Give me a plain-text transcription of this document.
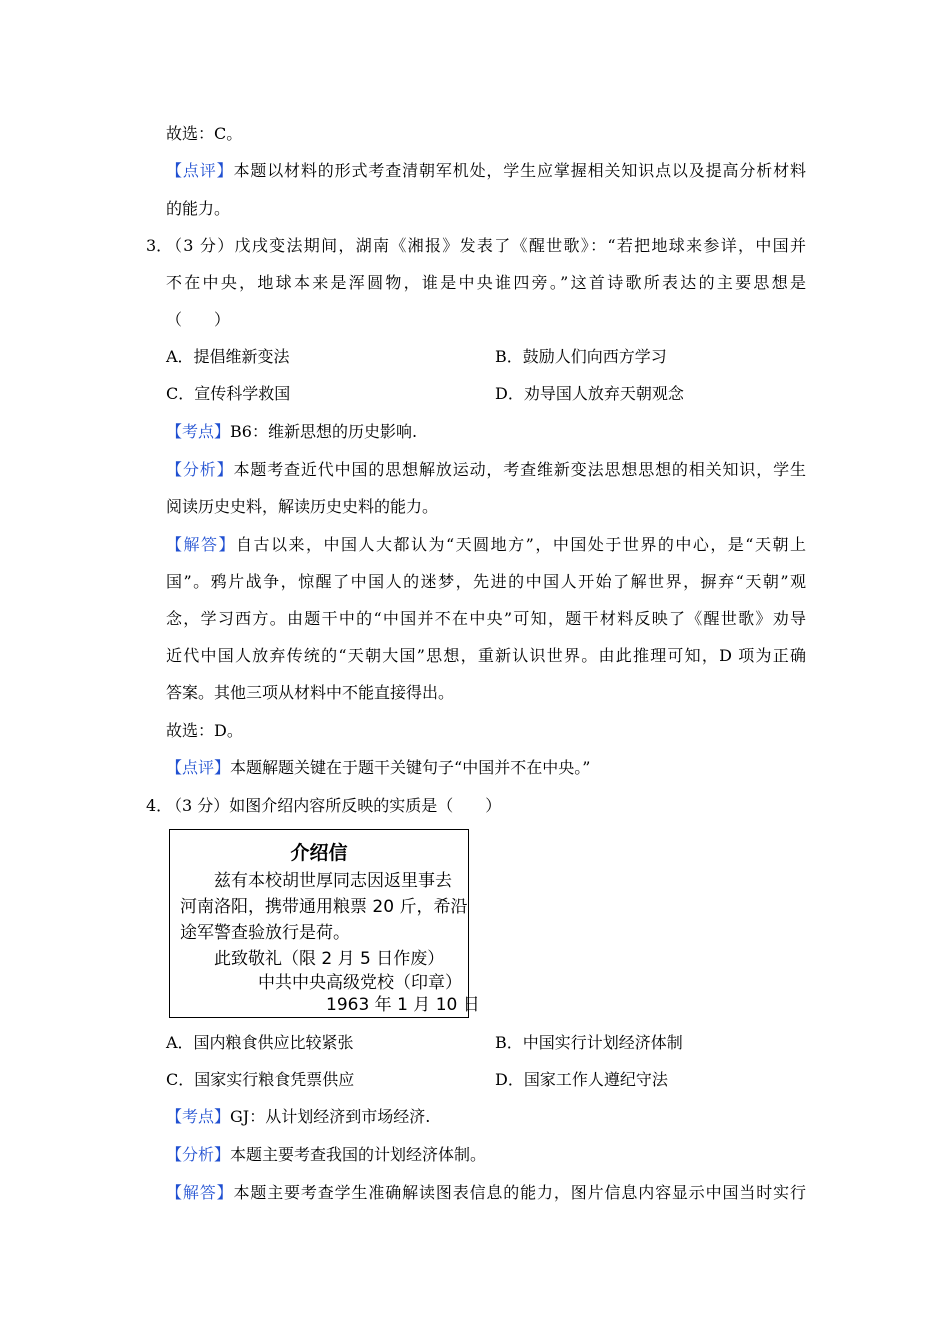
故选：C。
【点评】本题以材料的形式考查清朝军机处，学生应掌握相关知识点以及提高分析材料
的能力。
3．
（3 分）戊戌变法期间，湖南《湘报》发表了《醒世歌》：“若把地球来参详，中国并
不在中央，地球本来是浑圆物，谁是中央谁四旁。”这首诗歌所表达的主要思想是
（　　）
A．提倡维新变法	B．鼓励人们向西方学习
C．宣传科学救国	D．劝导国人放弃天朝观念
【考点】B6：维新思想的历史影响.
【分析】本题考查近代中国的思想解放运动，考查维新变法思想思想的相关知识，学生
阅读历史史料，解读历史史料的能力。
【解答】自古以来，中国人大都认为“天圆地方”，中国处于世界的中心，是“天朝上
国”。鸦片战争，惊醒了中国人的迷梦，先进的中国人开始了解世界，摒弃“天朝”观
念，学习西方。由题干中的“中国并不在中央”可知，题干材料反映了《醒世歌》劝导
近代中国人放弃传统的“天朝大国”思想，重新认识世界。由此推理可知，D 项为正确
答案。其他三项从材料中不能直接得出。
故选：D。
【点评】本题解题关键在于题干关键句子“中国并不在中央。”
4．
（3 分）如图介绍内容所反映的实质是（　　）
介绍信
兹有本校胡世厚同志因返里事去
河南洛阳，携带通用粮票 20 斤，希沿
途军警查验放行是荷。
此致敬礼（限 2 月 5 日作废）
中共中央高级党校（印章）
1963 年 1 月 10 日
A．国内粮食供应比较紧张	B．中国实行计划经济体制
C．国家实行粮食凭票供应	D．国家工作人遵纪守法
【考点】GJ：从计划经济到市场经济.
【分析】本题主要考查我国的计划经济体制。
【解答】本题主要考查学生准确解读图表信息的能力，图片信息内容显示中国当时实行
